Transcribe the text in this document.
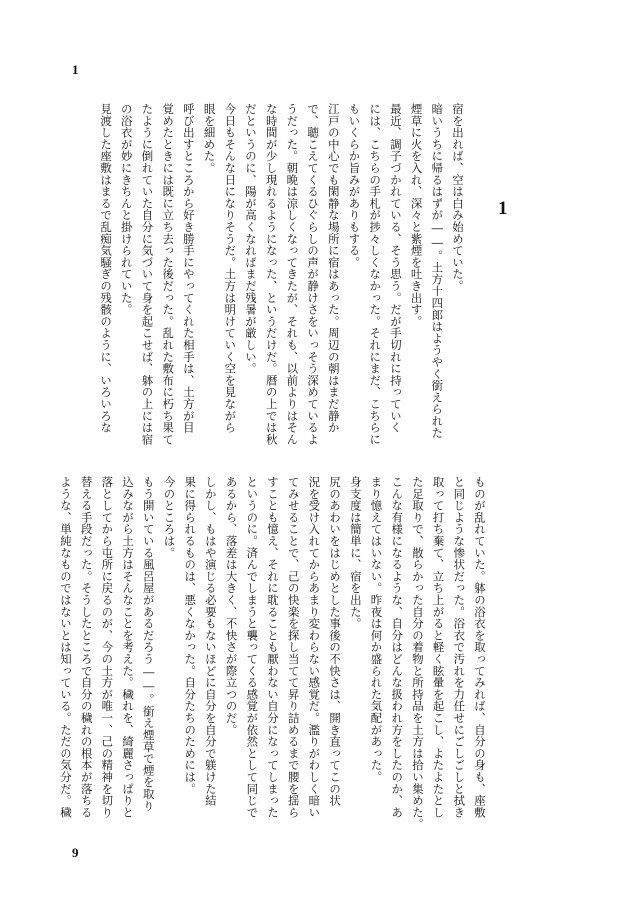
1
9
1
宿を出れば、空は白み始めていた。
暗いうちに帰るはずが――。土方十四郎はようやく銜えられた
煙草に火を入れ、深々と紫煙を吐き出す。
最近、調子づかれている、そう思う。だが手切れに持っていく
には、こちらの手札が捗々しくなかった。それにまだ、こちらに
もいくらか旨みがありもする。
江戸の中心でも閑静な場所に宿はあった。周辺の朝はまだ静か
で、聴こえてくるひぐらしの声が静けさをいっそう深めているよ
うだった。朝晩は涼しくなってきたが、それも、以前よりはそん
な時間が少し現れるようになった、というだけだ。暦の上では秋
だというのに、陽が高くなればまだ残暑が厳しい。
今日もそんな日になりそうだ。土方は明けていく空を見ながら
眼を細めた。
呼び出すところから好き勝手にやってくれた相手は、土方が目
覚めたときには既に立ち去った後だった。乱れた敷布に朽ち果て
たように倒れていた自分に気づいて身を起こせば、躰の上には宿
の浴衣が妙にきちんと掛けられていた。
見渡した座敷はまるで乱痴気騒ぎの残骸のように、いろいろな
ものが乱れていた。躰の浴衣を取ってみれば、自分の身も、座敷
と同じような惨状だった。浴衣で汚れを力任せにごしごしと拭き
取って打ち棄て、立ち上がると軽く眩暈を起こし、よたよたとし
た足取りで、散らかった自分の着物と所持品を土方は拾い集めた。
こんな有様になるような、自分はどんな扱われ方をしたのか、あ
まり憶えてはいない。昨夜は何か盛られた気配があった。
身支度は簡単に、宿を出た。
尻のあわいをはじめとした事後の不快さは、開き直ってこの状
況を受け入れてからあまり変わらない感覚だ。濫りがわしく暗い
てみせることで、己の快楽を探し当てて昇り詰めるまで腰を揺ら
すことも憶え、それに耽ることも厭わない自分になってしまった
というのに。済んでしまうと襲ってくる感覚が依然として同じで
あるから、落差は大きく、不快さが際立つのだ。
しかし、もはや演じる必要もないほどに自分を自分で躾けた結
果に得られるものは、悪くなかった。自分たちのためには。
今のところは。
もう開いている風呂屋があるだろう――。銜え煙草で煙を取り
込みながら土方はそんなことを考えた。穢れを、綺麗さっぱりと
落としてから屯所に戻るのが、今の土方が唯一、己の精神を切り
替える手段だった。そうしたところで自分の穢れの根本が落ちる
ような、単純なものではないとは知っている。ただの気分だ。穢
